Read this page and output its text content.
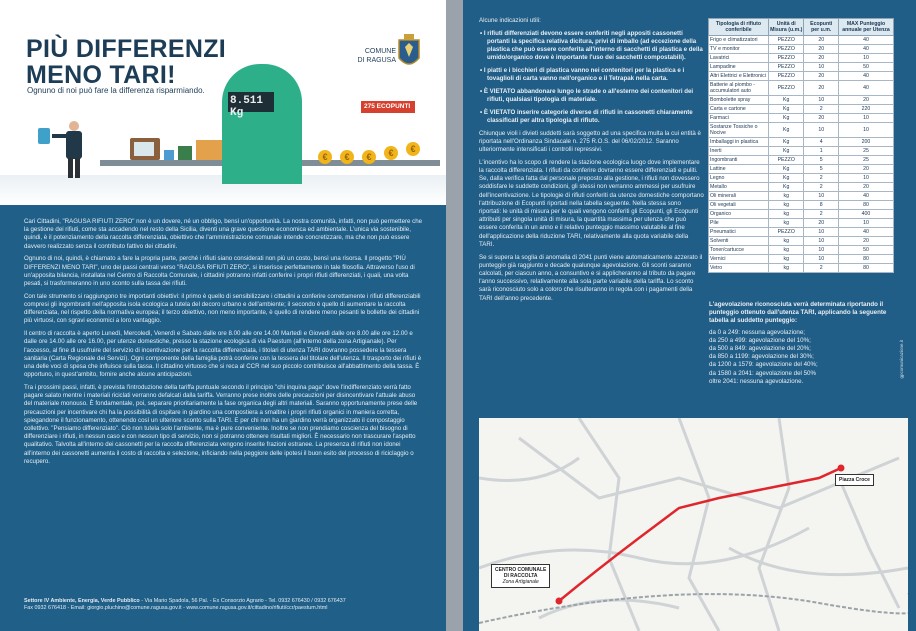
PIÙ DIFFERENZI
MENO TARI!
Ognuno di noi può fare la differenza risparmiando.
COMUNE
DI RAGUSA
8.511 Kg
275 ECOPUNTI
€	€	€	€	€

Cari Cittadini, "RAGUSA RIFIUTI ZERO" non è un dovere, né un obbligo, bensì un'opportunità. La nostra comunità, infatti, non può permettere che la gestione dei rifiuti, come sta accadendo nel resto della Sicilia, diventi una grave questione economica ed ambientale. L'unica via sostenibile, quindi, è il potenziamento della raccolta differenziata, obiettivo che l'amministrazione comunale intende concretizzare, ma che non può essere davvero realizzato senza il contributo fattivo dei cittadini.

Ognuno di noi, quindi, è chiamato a fare la propria parte, perché i rifiuti siano considerati non più un costo, bensì una risorsa. Il progetto "PIÙ DIFFERENZI MENO TARI", uno dei passi centrali verso "RAGUSA RIFIUTI ZERO", si inserisce perfettamente in tale filosofia. Attraverso l'uso di un'apposita bilancia, installata nel Centro di Raccolta Comunale, i cittadini potranno infatti conferire i propri rifiuti differenziati, i quali, una volta pesati, si trasformeranno in uno sconto sulla tassa dei rifiuti.

Con tale strumento si raggiungono tre importanti obiettivi: il primo è quello di sensibilizzare i cittadini a conferire correttamente i rifiuti differenziabili compresi gli ingombranti nell'apposita isola ecologica a tutela del decoro urbano e dell'ambiente; il secondo è quello di aumentare la raccolta differenziata, nel rispetto della normativa europea; il terzo obiettivo, non meno importante, è quello di rendere meno pesanti le bollette dei cittadini più virtuosi, con sgravi economici a loro vantaggio.

Il centro di raccolta è aperto Lunedì, Mercoledì, Venerdì e Sabato dalle ore 8.00 alle ore 14.00 Martedì e Giovedì dalle ore 8.00 alle ore 12.00 e dalle ore 14.00 alle ore 16.00, per utenze domestiche, presso la stazione ecologica di via Paestum (all'interno della zona Artigianale). Per l'accesso, al fine di usufruire del servizio di incentivazione per la raccolta differenziata, i titolari di utenza TARI dovranno possedere la tessera sanitaria (Carta Regionale dei Servizi). Ogni componente della famiglia potrà conferire con la tessera del titolare dell'utenza. Il trasporto dei rifiuti è una delle voci di spesa che influisce sulla tassa. Il cittadino virtuoso che si reca al CCR nel suo piccolo contribuisce all'abbattimento della tassa. È opportuno, in quest'ambito, fornire anche alcune anticipazioni.

Tra i prossimi passi, infatti, è prevista l'introduzione della tariffa puntuale secondo il principio "chi inquina paga" dove l'indifferenziato verrà fatto pagare salato mentre i materiali riciclati verranno defalcati dalla tariffa. Verranno prese inoltre delle precauzioni per disincentivare l'attuale abuso del materiale monouso. È fondamentale, poi, separare prioritariamente la fase organica degli altri materiali. Saranno opportunamente prese delle precauzioni per incentivare chi ha la possibilità di ospitare in giardino una compostiera a smaltire i propri rifiuti organici in maniera corretta, spiegandone il funzionamento, ottenendo così un ulteriore sconto sulla TARI. E per chi non ha un giardino verrà organizzato il compostaggio collettivo. "Pensiamo differenziato". Ciò non tutela solo l'ambiente, ma è pure conveniente. Inoltre se non prendiamo coscienza del bisogno di differenziare i rifiuti, in nessun caso e con nessun tipo di servizio, non si potranno ottenere risultati migliori. È necessario non trascurare l'aspetto qualitativo. Talvolta all'interno dei cassonetti per la raccolta differenziata vengono inserite frazioni estranee. La presenza di rifiuti non idonei all'interno dei cassonetti aumenta il costo di raccolta e selezione, inficiando nella peggiore delle ipotesi il buon esito del processo di riciclaggio o recupero.

Settore IV Ambiente, Energia, Verde Pubblico - Via Mario Spadola, 56 Pal. - Ex Consorzio Agrario - Tel. 0932 676430 / 0932 676437
Fax 0932 676418 - Email: giorgio.pluchino@comune.ragusa.gov.it - www.comune.ragusa.gov.it/cittadino/rifiuti/ccr/paestum.html

Alcune indicazioni utili:

• I rifiuti differenziati devono essere conferiti negli appositi cassonetti portanti la specifica relativa dicitura, privi di imballo (ad eccezione della plastica che può essere conferita all'interno di sacchetti di plastica e della umido/organico dove è importante l'uso dei sacchetti compostabili).

• I piatti e i bicchieri di plastica vanno nei contenitori per la plastica e i tovaglioli di carta vanno nell'organico e il Tetrapak nella carta.

• È VIETATO abbandonare lungo le strade o all'esterno dei contenitori dei rifiuti, qualsiasi tipologia di materiale.

• È VIETATO inserire categorie diverse di rifiuti in cassonetti chiaramente classificati per altra tipologia di rifiuto.

Chiunque violi i divieti suddetti sarà soggetto ad una specifica multa la cui entità è riportata nell'Ordinanza Sindacale n. 275 R.O.S. del 06/02/2012. Saranno ulteriormente intensificati i controlli repressivi.

L'incentivo ha lo scopo di rendere la stazione ecologica luogo dove implementare la raccolta differenziata. I rifiuti da conferire dovranno essere differenziati e puliti. Se, dalla verifica fatta dal personale preposto alla gestione, i rifiuti non dovessero soddisfare le suddette condizioni, gli stessi non verranno ammessi per usufruire dell'incentivazione. Le tipologie di rifiuti conferiti da utenze domestiche comportano l'attribuzione di Ecopunti riportati nella tabella seguente. Nella stessa sono riportati: le unità di misura per le quali vengono conferiti gli Ecopunti, gli Ecopunti attribuiti per singola unità di misura, la quantità massima per utenza che può essere conferita in un anno e il relativo punteggio massimo valutabile al fine dell'applicazione della riduzione TARI, relativamente alla quota variabile della TARI.

Se si supera la soglia di anomalia di 2041 punti viene automaticamente azzerato il punteggio già raggiunto e decade qualunque agevolazione. Gli sconti saranno calcolati, per ciascun anno, a consuntivo e si applicheranno al tributo da pagare l'anno successivo, relativamente alla sola parte variabile della tariffa. Lo sconto sarà riconosciuto solo a coloro che risulteranno in regola con i pagamenti della TARI dell'anno precedente.

Tipologia di rifiuto conferibile	Unità di Misura (u.m.)	Ecopunti per u.m.	MAX Punteggio annuale per Utenza
Frigo e climatizzatori	PEZZO	20	40
TV e monitor	PEZZO	20	40
Lavatrici	PEZZO	20	10
Lampadine	PEZZO	10	50
Altri Elettrici e Elettronici	PEZZO	20	40
Batterie al piombo - accumulatori auto	PEZZO	20	40
Bombolette spray	Kg	10	20
Carta e cartone	Kg	2	220
Farmaci	Kg	20	10
Sostanze Tossiche o Nocive	Kg	10	10
Imballaggi in plastica	Kg	4	200
Inerti	Kg	1	25
Ingombranti	PEZZO	5	25
Lattine	Kg	5	20
Legno	Kg	2	10
Metallo	Kg	2	20
Oli minerali	kg	10	40
Oli vegetali	kg	8	80
Organico	kg	2	400
Pile	kg	20	10
Pneumatici	PEZZO	10	40
Solventi	kg	10	20
Toner/cartucce	kg	10	50
Vernici	kg	10	80
Vetro	kg	2	80

L'agevolazione riconosciuta verrà determinata riportando il punteggio ottenuto dall'utenza TARI, applicando la seguente tabella al suddetto punteggio:

da 0 a 249: nessuna agevolazione;
da 250 a 499: agevolazione del 10%;
da 500 a 849: agevolazione del 20%;
da 850 a 1199: agevolazione del 30%;
da 1200 a 1579: agevolazione del 40%;
da 1580 a 2041: agevolazione del 50%
oltre 2041: nessuna agevolazione.
gpcomunicazione.it
CENTRO COMUNALE
DI RACCOLTA
Zona Artigianale
Piazza Croce
